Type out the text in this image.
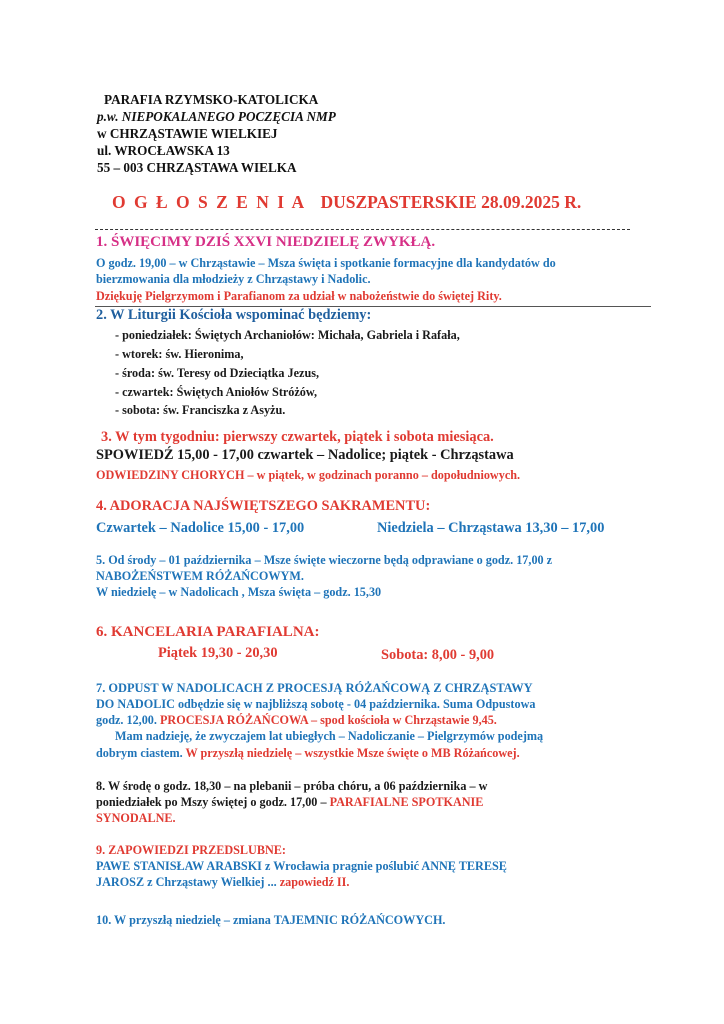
PARAFIA RZYMSKO-KATOLICKA
p.w. NIEPOKALANEGO POCZĘCIA NMP
w CHRZĄSTAWIE WIELKIEJ
ul. WROCŁAWSKA 13
55 – 003 CHRZĄSTAWA WIELKA
O G Ł O S Z E N I A DUSZPASTERSKIE 28.09.2025 R.
1. ŚWIĘCIMY DZIŚ XXVI NIEDZIELĘ ZWYKŁĄ.
O godz. 19,00 – w Chrząstawie – Msza święta i spotkanie formacyjne dla kandydatów do
bierzmowania dla młodzieży z Chrząstawy i Nadolic.
Dziękuję Pielgrzymom i Parafianom za udział w nabożeństwie do świętej Rity.
2. W Liturgii Kościoła wspominać będziemy:
- poniedziałek: Świętych Archaniołów: Michała, Gabriela i Rafała,
- wtorek: św. Hieronima,
- środa: św. Teresy od Dzieciątka Jezus,
- czwartek: Świętych Aniołów Stróżów,
- sobota: św. Franciszka z Asyżu.
3. W tym tygodniu: pierwszy czwartek, piątek i sobota miesiąca.
SPOWIEDŹ 15,00 - 17,00 czwartek – Nadolice; piątek - Chrząstawa
ODWIEDZINY CHORYCH – w piątek, w godzinach poranno – dopołudniowych.
4. ADORACJA NAJŚWIĘTSZEGO SAKRAMENTU:
Czwartek – Nadolice 15,00 - 17,00	Niedziela – Chrząstawa 13,30 – 17,00
5. Od środy – 01 października – Msze święte wieczorne będą odprawiane o godz. 17,00 z
NABOŻEŃSTWEM RÓŻAŃCOWYM.
W niedzielę – w Nadolicach , Msza święta – godz. 15,30
6. KANCELARIA PARAFIALNA:
Piątek 19,30 - 20,30	Sobota: 8,00 - 9,00
7. ODPUST W NADOLICACH Z PROCESJĄ RÓŻAŃCOWĄ Z CHRZĄSTAWY
DO NADOLIC odbędzie się w najbliższą sobotę - 04 października. Suma Odpustowa
godz. 12,00. PROCESJA RÓŻAŃCOWA – spod kościoła w Chrząstawie 9,45.
Mam nadzieję, że zwyczajem lat ubiegłych – Nadoliczanie – Pielgrzymów podejmą
dobrym ciastem. W przyszłą niedzielę – wszystkie Msze święte o MB Różańcowej.
8. W środę o godz. 18,30 – na plebanii – próba chóru, a 06 października – w
poniedziałek po Mszy świętej o godz. 17,00 – PARAFIALNE SPOTKANIE
SYNODALNE.
9. ZAPOWIEDZI PRZEDSLUBNE:
PAWE STANISŁAW ARABSKI z Wrocławia pragnie poślubić ANNĘ TERESĘ
JAROSZ z Chrząstawy Wielkiej ... zapowiedź II.
10. W przyszłą niedzielę – zmiana TAJEMNIC RÓŻAŃCOWYCH.
